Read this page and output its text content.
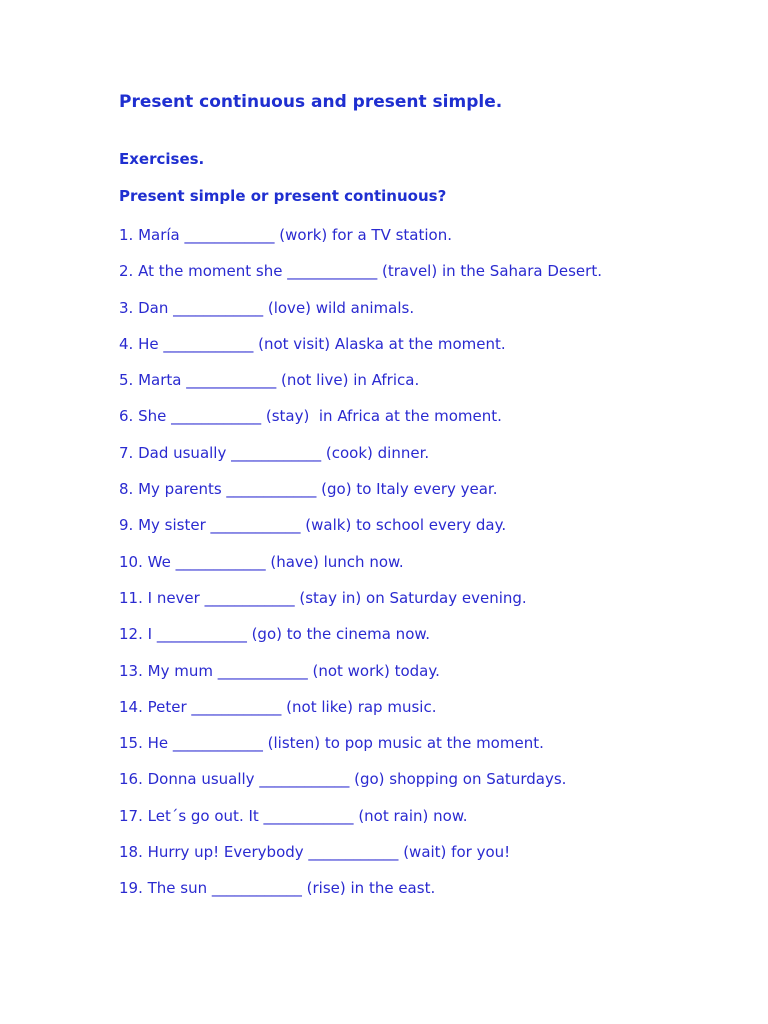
Present continuous and present simple.
Exercises.
Present simple or present continuous?
1. María ____________ (work) for a TV station.
2. At the moment she ____________ (travel) in the Sahara Desert.
3. Dan ____________ (love) wild animals.
4. He ____________ (not visit) Alaska at the moment.
5. Marta ____________ (not live) in Africa.
6. She ____________ (stay)  in Africa at the moment.
7. Dad usually ____________ (cook) dinner.
8. My parents ____________ (go) to Italy every year.
9. My sister ____________ (walk) to school every day.
10. We ____________ (have) lunch now.
11. I never ____________ (stay in) on Saturday evening.
12. I ____________ (go) to the cinema now.
13. My mum ____________ (not work) today.
14. Peter ____________ (not like) rap music.
15. He ____________ (listen) to pop music at the moment.
16. Donna usually ____________ (go) shopping on Saturdays.
17. Let´s go out. It ____________ (not rain) now.
18. Hurry up! Everybody ____________ (wait) for you!
19. The sun ____________ (rise) in the east.
